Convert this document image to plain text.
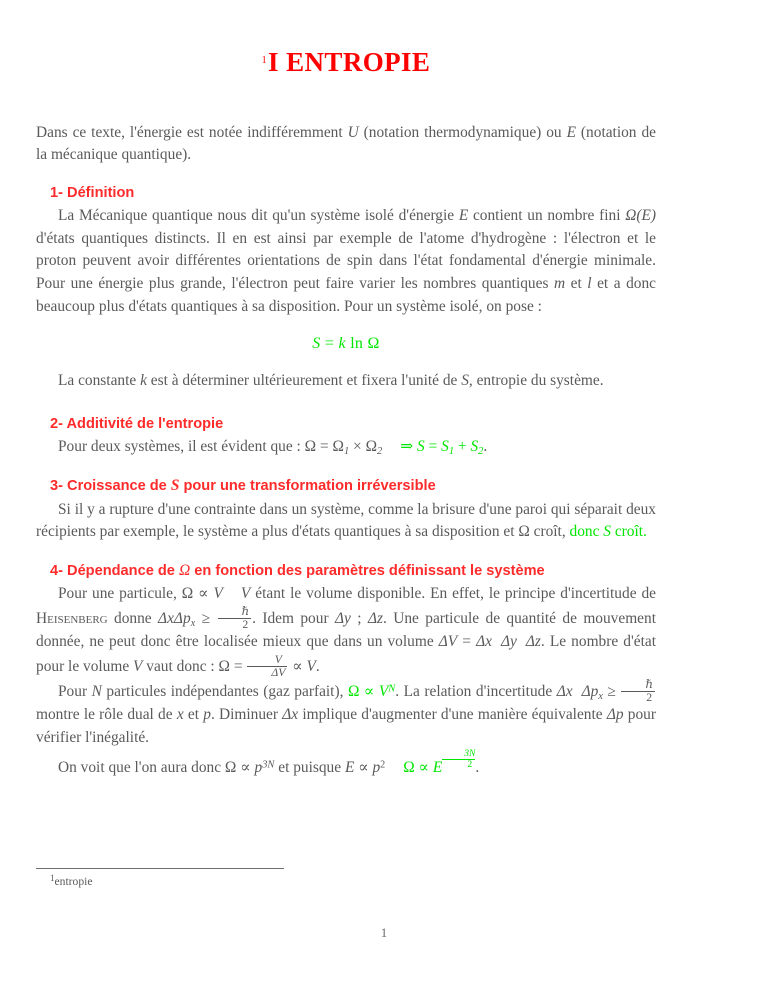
$^1$I ENTROPIE

Dans ce texte, l'énergie est notée indifféremment U (notation thermodynamique) ou E (notation de la mécanique quantique).

1- Définition

La Mécanique quantique nous dit qu'un système isolé d'énergie E contient un nombre fini Ω(E) d'états quantiques distincts. Il en est ainsi par exemple de l'atome d'hydrogène : l'électron et le proton peuvent avoir différentes orientations de spin dans l'état fondamental d'énergie minimale. Pour une énergie plus grande, l'électron peut faire varier les nombres quantiques m et l et a donc beaucoup plus d'états quantiques à sa disposition. Pour un système isolé, on pose :

S = k ln Ω

La constante k est à déterminer ultérieurement et fixera l'unité de S, entropie du système.

2- Additivité de l'entropie

Pour deux systèmes, il est évident que : $\Omega = \Omega_1 \times \Omega_2$ ⇒ $S = S_1 + S_2$.

3- Croissance de S pour une transformation irréversible

Si il y a rupture d'une contrainte dans un système, comme la brisure d'une paroi qui séparait deux récipients par exemple, le système a plus d'états quantiques à sa disposition et Ω croît, donc S croît.

4- Dépendance de Ω en fonction des paramètres définissant le système

Pour une particule, Ω ∝ V V étant le volume disponible. En effet, le principe d'incertitude de Heisenberg donne $\Delta x\Delta p_x \ge \frac{\text{ℏ}}{2}$ . Idem pour Δy ; Δz. Une particule de quantité de mouvement donnée, ne peut donc être localisée mieux que dans un volume ΔV = Δx Δy Δz. Le nombre d'état pour le volume V vaut donc : $\Omega = \frac{V}{\Delta V} \propto V$.

Pour N particules indépendantes (gaz parfait), $\Omega \propto V^N$. La relation d'incertitude Δx $\Delta p_x \ge \frac{\text{ℏ}}{2}$
montre le rôle dual de x et p. Diminuer Δx implique d'augmenter d'une manière équivalente Δp pour vérifier l'inégalité.

On voit que l'on aura donc $\Omega \propto p^{3N}$ et puisque $E \propto p^2$ Ω ∝ E $\frac{3N}{2}$ .

$^1$entropie
1
